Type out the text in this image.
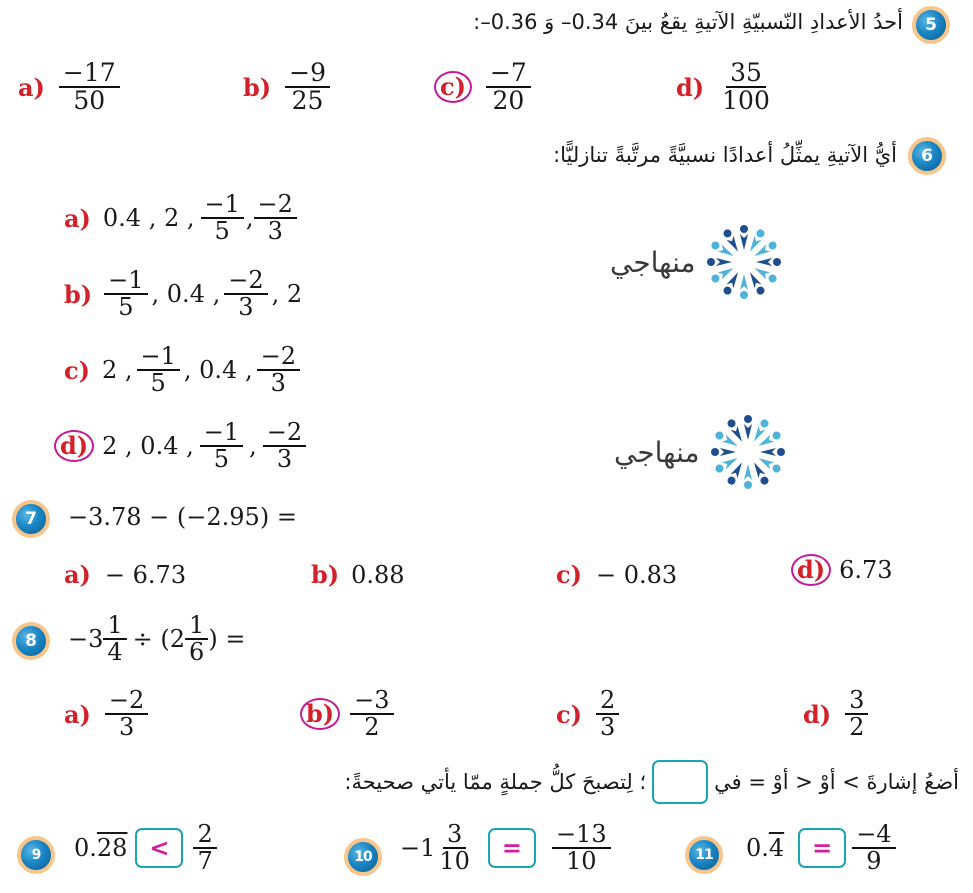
5
أحدُ الأعدادِ النّسبيّةِ الآتيةِ يقعُ بينَ 0.34– وَ 0.36–:
$a) \frac{-17}{50}$	$b) \frac{-9}{25}$	$c) \frac{-7}{20}$	$d) \frac{35}{100}$
6
أيُّ الآتيةِ يمثِّلُ أعدادًا نسبيَّةً مرتَّبةً تنازليًّا:
a) 0.4 , 2 , $\frac{-1}{5}$ , $\frac{-2}{3}$
$b) \frac{-1}{5}$ , 0.4 , $\frac{-2}{3}$ , 2
c) 2 , $\frac{-1}{5}$ , 0.4 , $\frac{-2}{3}$
d) 2 , 0.4 , $\frac{-1}{5}$ , $\frac{-2}{3}$
منهاجي
منهاجي
7 −3.78 − (−2.95) =
a) − 6.73	b) 0.88	c) − 0.83	d) 6.73
$8 -3 \frac{1}{4} \div (2 \frac{1}{6}$ ) =
$a) \frac{-2}{3}$	$b) \frac{-3}{2}$	$c) \frac{2}{3}$	$d) \frac{3}{2}$
أضعُ إشارةَ > أوْ < أوْ = في
؛ لِتصبحَ كلُّ جملةٍ ممّا يأتي صحيحةً:
9 0. $28 < \frac{2}{7}$	$10 -1 \frac{3}{10}$	=	$\frac{-13}{10}$	11 0. 4	= $\frac{-4}{9}$
